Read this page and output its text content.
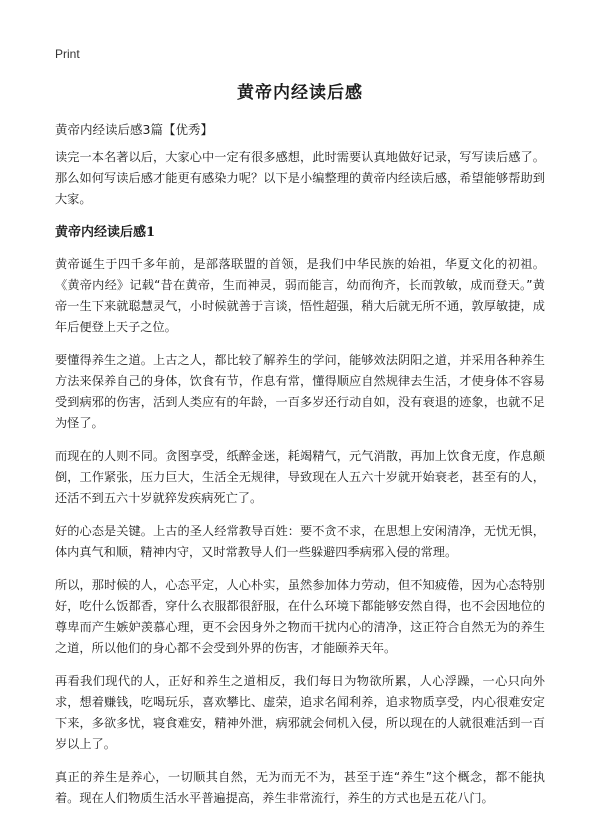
Print
黄帝内经读后感
黄帝内经读后感3篇【优秀】

读完一本名著以后，大家心中一定有很多感想，此时需要认真地做好记录，写写读后感了。那么如何写读后感才能更有感染力呢？以下是小编整理的黄帝内经读后感，希望能够帮助到大家。

黄帝内经读后感1

黄帝诞生于四千多年前，是部落联盟的首领，是我们中华民族的始祖，华夏文化的初祖。《黄帝内经》记载“昔在黄帝，生而神灵，弱而能言，幼而徇齐，长而敦敏，成而登天。”黄帝一生下来就聪慧灵气，小时候就善于言谈，悟性超强，稍大后就无所不通，敦厚敏捷，成年后便登上天子之位。

要懂得养生之道。上古之人，都比较了解养生的学问，能够效法阴阳之道，并采用各种养生方法来保养自己的身体，饮食有节，作息有常，懂得顺应自然规律去生活，才使身体不容易受到病邪的伤害，活到人类应有的年龄，一百多岁还行动自如，没有衰退的迹象，也就不足为怪了。

而现在的人则不同。贪图享受，纸醉金迷，耗竭精气，元气消散，再加上饮食无度，作息颠倒，工作紧张，压力巨大，生活全无规律，导致现在人五六十岁就开始衰老，甚至有的人，还活不到五六十岁就猝发疾病死亡了。

好的心态是关键。上古的圣人经常教导百姓：要不贪不求，在思想上安闲清净，无忧无惧，体内真气和顺，精神内守，又时常教导人们一些躲避四季病邪入侵的常理。

所以，那时候的人，心态平定，人心朴实，虽然参加体力劳动，但不知疲倦，因为心态特别好，吃什么饭都香，穿什么衣服都很舒服，在什么环境下都能够安然自得，也不会因地位的尊卑而产生嫉妒羡慕心理，更不会因身外之物而干扰内心的清净，这正符合自然无为的养生之道，所以他们的身心都不会受到外界的伤害，才能颐养天年。

再看我们现代的人，正好和养生之道相反，我们每日为物欲所累，人心浮躁，一心只向外求，想着赚钱，吃喝玩乐，喜欢攀比、虚荣，追求名闻利养，追求物质享受，内心很难安定下来，多欲多忧，寝食难安，精神外泄，病邪就会伺机入侵，所以现在的人就很难活到一百岁以上了。

真正的养生是养心，一切顺其自然，无为而无不为，甚至于连“养生”这个概念，都不能执着。现在人们物质生活水平普遍提高，养生非常流行，养生的方式也是五花八门。
